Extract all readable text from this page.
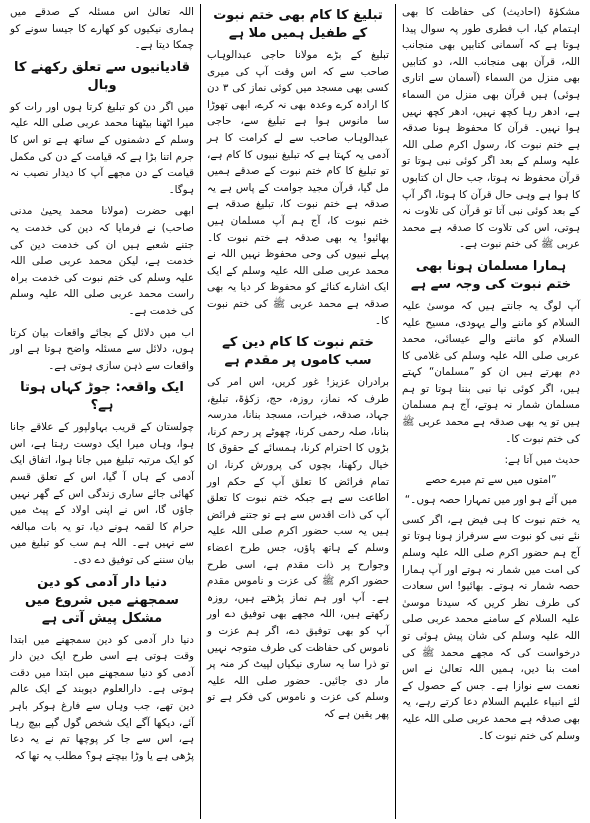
مشکوٰۃ (احادیث) کی حفاظت کا بھی اہتمام کیا، اب فطری طور پہ سوال پیدا ہوتا ہے کہ آسمانی کتابیں بھی منجانب اللہ، قرآن بھی منجانب اللہ، دو کتابیں بھی منزل من السماء (آسمان سے اتاری ہوئی) ہیں قرآن بھی منزل من السماء ہے، ادھر رہا کچھ نہیں، ادھر کچھ نہیں ہوا نہیں۔ قرآن کا محفوظ ہونا صدقہ ہے ختم نبوت کا، رسول اکرم صلی اللہ علیہ وسلم کے بعد اگر کوئی نبی ہوتا تو قرآن محفوظ نہ ہوتا، جب حال ان کتابوں کا ہوا ہے وہی حال قرآن کا ہوتا، اگر آپ کے بعد کوئی نبی آتا تو قرآن کی تلاوت نہ ہوتی، اس کی تلاوت کا صدقہ ہے محمد عربی ﷺ کی ختم نبوت ہے۔

ہمارا مسلمان ہونا بھی ختم نبوت کی وجہ سے ہے

آپ لوگ یہ جانتے ہیں کہ موسیٰ علیہ السلام کو ماننے والے یہودی، مسیح علیہ السلام کو ماننے والے عیسائی، محمد عربی صلی اللہ علیہ وسلم کی غلامی کا دم بھرتے ہیں ان کو ”مسلمان“ کہتے ہیں، اگر کوئی نیا نبی بننا ہوتا تو ہم مسلمان شمار نہ ہوتے، آج ہم مسلمان ہیں تو یہ بھی صدقہ ہے محمد عربی ﷺ کی ختم نبوت کا۔

حدیث میں آتا ہے:

”امتوں میں سے تم میرے حصے
میں آئے ہو اور میں تمہارا حصہ ہوں۔“

یہ ختم نبوت کا ہی فیض ہے، اگر کسی نئے نبی کو نبوت سے سرفراز ہونا ہوتا تو آج ہم حضور اکرم صلی اللہ علیہ وسلم کی امت میں شمار نہ ہوتے اور آپ ہمارا حصہ شمار نہ ہوتے۔ بھائیو! اس سعادت کی طرف نظر کریں کہ سیدنا موسیٰ علیہ السلام کے سامنے محمد عربی صلی اللہ علیہ وسلم کی شان پیش ہوئی تو درخواست کی کہ مجھے محمد ﷺ کی امت بنا دیں، ہمیں اللہ تعالیٰ نے اس نعمت سے نوازا ہے۔ جس کے حصول کے لئے انبیاء علیہم السلام دعا کرتے رہے، یہ بھی صدقہ ہے محمد عربی صلی اللہ علیہ وسلم کی ختم نبوت کا۔

تبلیغ کا کام بھی ختم نبوت کے طفیل ہمیں ملا ہے

تبلیغ کے بڑے مولانا حاجی عبدالوہاب صاحب سے کہ اس وقت آپ کی میری کسی بھی مسجد میں کوئی نماز کی ۳ دن کا ارادہ کرے وعدہ بھی نہ کرے، ابھی تھوڑا سا مانوس ہوا ہے تبلیغ سے، حاجی عبدالوہاب صاحب سے لے کرامت کا ہر آدمی یہ کہتا ہے کہ تبلیغ نبیوں کا کام ہے، تو تبلیغ کا کام ختم نبوت کے صدقے ہمیں مل گیا، قرآن مجید جوامت کے پاس ہے یہ صدقہ ہے ختم نبوت کا، تبلیغ صدقہ ہے ختم نبوت کا، آج ہم آپ مسلمان ہیں بھائیو! یہ بھی صدقہ ہے ختم نبوت کا۔ پہلے نبیوں کی وحی محفوظ نہیں اللہ نے محمد عربی صلی اللہ علیہ وسلم کے ایک ایک اشارے کنائے کو محفوظ کر دیا یہ بھی صدقہ ہے محمد عربی ﷺ کی ختم نبوت کا۔

ختم نبوت کا کام دین کے سب کاموں پر مقدم ہے

برادران عزیز! غور کریں، اس امر کی طرف کہ نماز، روزہ، حج، زکوٰۃ، تبلیغ، جہاد، صدقہ، خیرات، مسجد بنانا، مدرسہ بنانا، صلہ رحمی کرنا، چھوٹے پر رحم کرنا، بڑوں کا احترام کرنا، ہمسائے کے حقوق کا خیال رکھنا، بچوں کی پرورش کرنا، ان تمام فرائض کا تعلق آپ کے حکم اور اطاعت سے ہے جبکہ ختم نبوت کا تعلق آپ کی ذات اقدس سے ہے تو جتنے فرائض ہیں یہ سب حضور اکرم صلی اللہ علیہ وسلم کے ہاتھ پاؤں، جس طرح اعضاء وجوارح پر ذات مقدم ہے، اسی طرح حضور اکرم ﷺ کی عزت و ناموس مقدم ہے۔ آپ اور ہم نماز پڑھتے ہیں، روزہ رکھتے ہیں، اللہ مجھے بھی توفیق دے اور آپ کو بھی توفیق دے، اگر ہم عزت و ناموس کی حفاظت کی طرف متوجہ نہیں تو ذرا سا یہ ساری نیکیاں لپیٹ کر منہ پر مار دی جائیں۔ حضور صلی اللہ علیہ وسلم کی عزت و ناموس کی فکر ہے تو پھر یقین ہے کہ

اللہ تعالیٰ اس مسئلہ کے صدقے میں ہماری نیکیوں کو کھارے کا جیسا سونے کو چمکا دیتا ہے۔

قادیانیوں سے تعلق رکھنے کا وبال

میں اگر دن کو تبلیغ کرتا ہوں اور رات کو میرا اٹھنا بیٹھنا محمد عربی صلی اللہ علیہ وسلم کے دشمنوں کے ساتھ ہے تو اس کا جرم اتنا بڑا ہے کہ قیامت کے دن کی مکمل قیامت کے دن مجھے آپ کا دیدار نصیب نہ ہوگا۔

ابھی حضرت (مولانا محمد یحییٰ مدنی صاحب) نے فرمایا کہ دین کی خدمت یہ جتنے شعبے ہیں ان کی خدمت دین کی خدمت ہے، لیکن محمد عربی صلی اللہ علیہ وسلم کی ختم نبوت کی خدمت براہ راست محمد عربی صلی اللہ علیہ وسلم کی خدمت ہے۔

اب میں دلائل کے بجائے واقعات بیان کرتا ہوں، دلائل سے مسئلہ واضح ہوتا ہے اور واقعات سے ذہن سازی ہوتی ہے۔

ایک واقعہ: جوڑ کہاں ہوتا ہے؟

چولستان کے قریب بہاولپور کے علاقے جانا ہوا، وہاں میرا ایک دوست رہتا ہے، اس کو ایک مرتبہ تبلیغ میں جانا ہوا، اتفاق ایک آدمی کے ہاں آ گیا، اس کے تعلق قسم کھائی جائے ساری زندگی اس کے گھر نہیں جاؤں گا، اس نے اپنی اولاد کے پیٹ میں حرام کا لقمہ ہونے دیا، تو یہ بات مبالغہ سے نہیں ہے۔ اللہ ہم سب کو تبلیغ میں بیان سننے کی توفیق دے دی۔

دنیا دار آدمی کو دین سمجھنے میں شروع میں مشکل پیش آتی ہے

دنیا دار آدمی کو دین سمجھنے میں ابتدا وقت ہوتی ہے اسی طرح ایک دین دار آدمی کو دنیا سمجھنے میں ابتدا میں دقت ہوتی ہے۔ دارالعلوم دیوبند کے ایک عالم دین تھے، جب وہاں سے فارغ ہوکر باہر آئے، دیکھا آگے ایک شخص گول گپے بیچ رہا ہے، اس سے جا کر پوچھا تم نے یہ دعا پڑھی ہے یا وڑا بیچتے ہو؟ مطلب یہ تھا کہ
